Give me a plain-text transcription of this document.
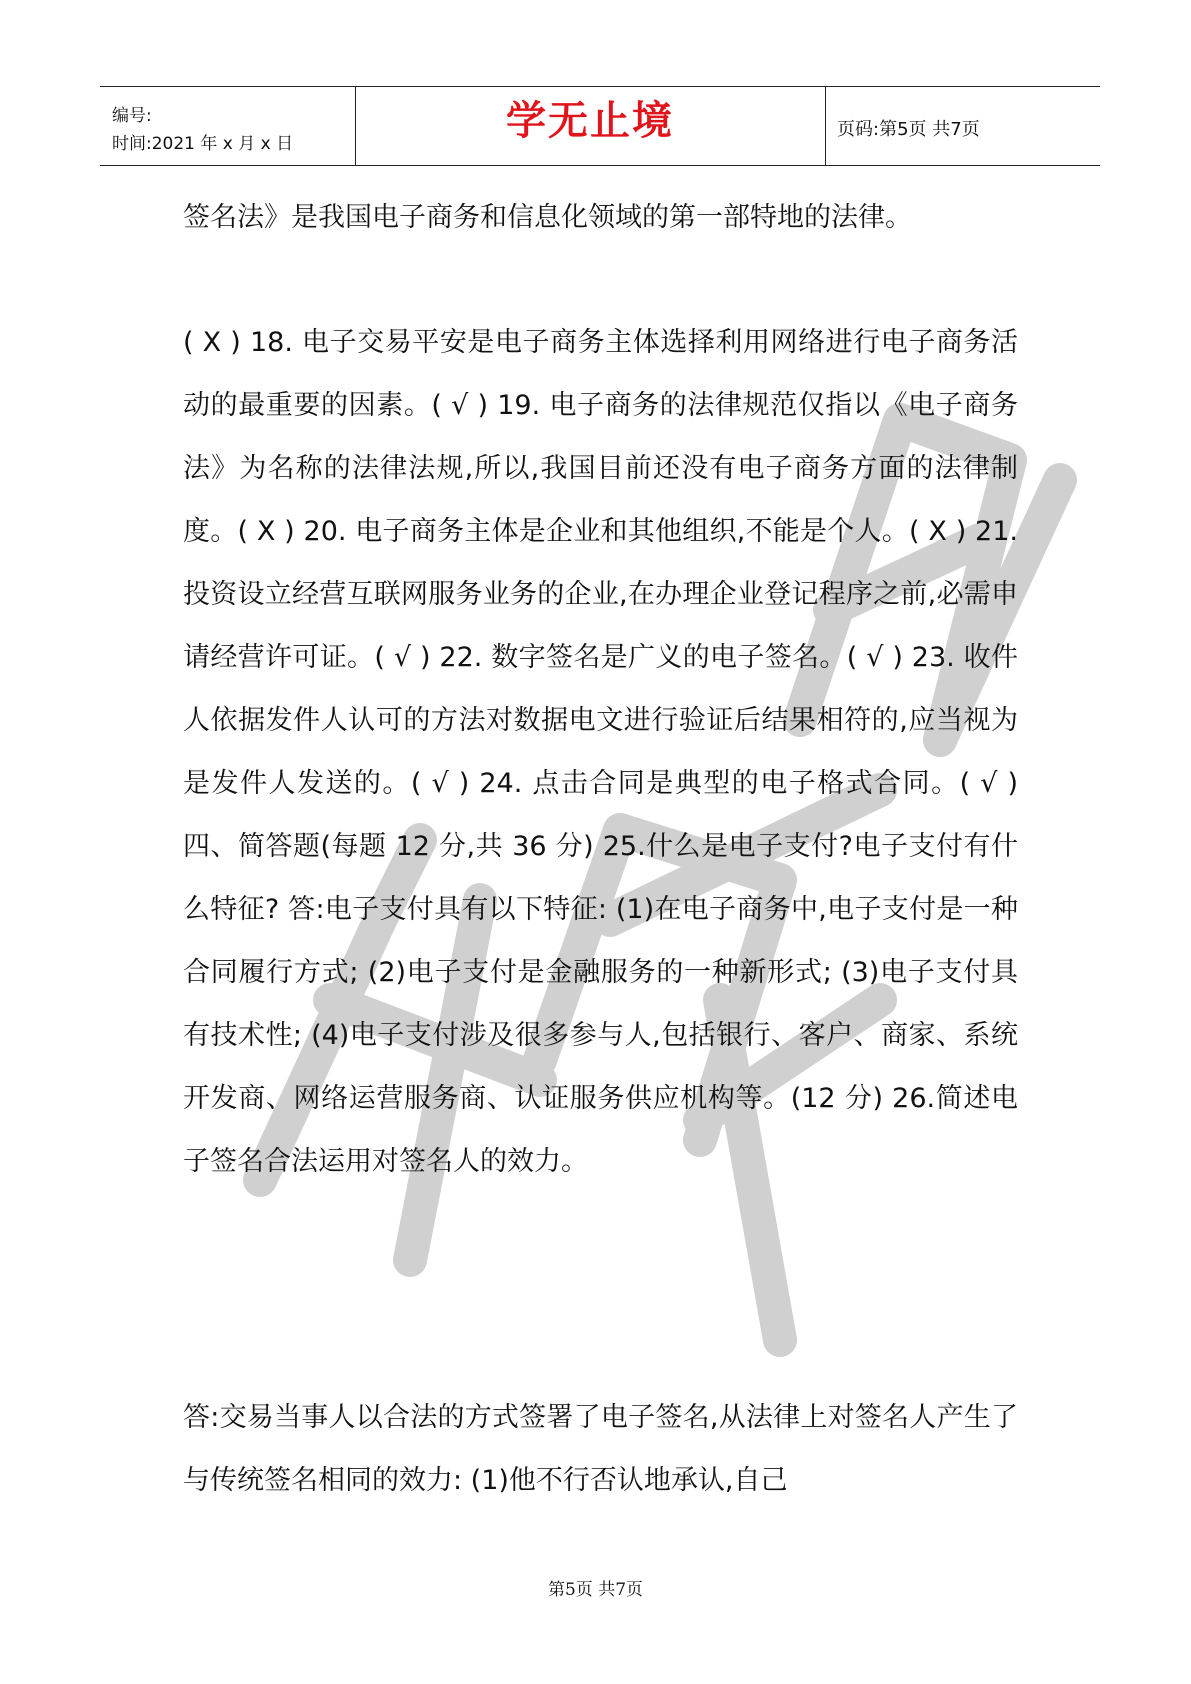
编号:
时间:2021 年 x 月 x 日	学无止境	页码:第5页 共7页

签名法》是我国电子商务和信息化领域的第一部特地的法律。

( X ) 18. 电子交易平安是电子商务主体选择利用网络进行电子商务活动的最重要的因素。( √ ) 19. 电子商务的法律规范仅指以《电子商务法》为名称的法律法规,所以,我国目前还没有电子商务方面的法律制度。( X ) 20. 电子商务主体是企业和其他组织,不能是个人。( X ) 21. 投资设立经营互联网服务业务的企业,在办理企业登记程序之前,必需申请经营许可证。( √ ) 22. 数字签名是广义的电子签名。( √ ) 23. 收件人依据发件人认可的方法对数据电文进行验证后结果相符的,应当视为是发件人发送的。( √ ) 24. 点击合同是典型的电子格式合同。( √ ) 四、简答题(每题 12 分,共 36 分) 25.什么是电子支付?电子支付有什么特征? 答:电子支付具有以下特征: (1)在电子商务中,电子支付是一种合同履行方式; (2)电子支付是金融服务的一种新形式; (3)电子支付具有技术性; (4)电子支付涉及很多参与人,包括银行、客户、商家、系统开发商、网络运营服务商、认证服务供应机构等。(12 分) 26.简述电子签名合法运用对签名人的效力。

答:交易当事人以合法的方式签署了电子签名,从法律上对签名人产生了与传统签名相同的效力: (1)他不行否认地承认,自己

第5页 共7页
